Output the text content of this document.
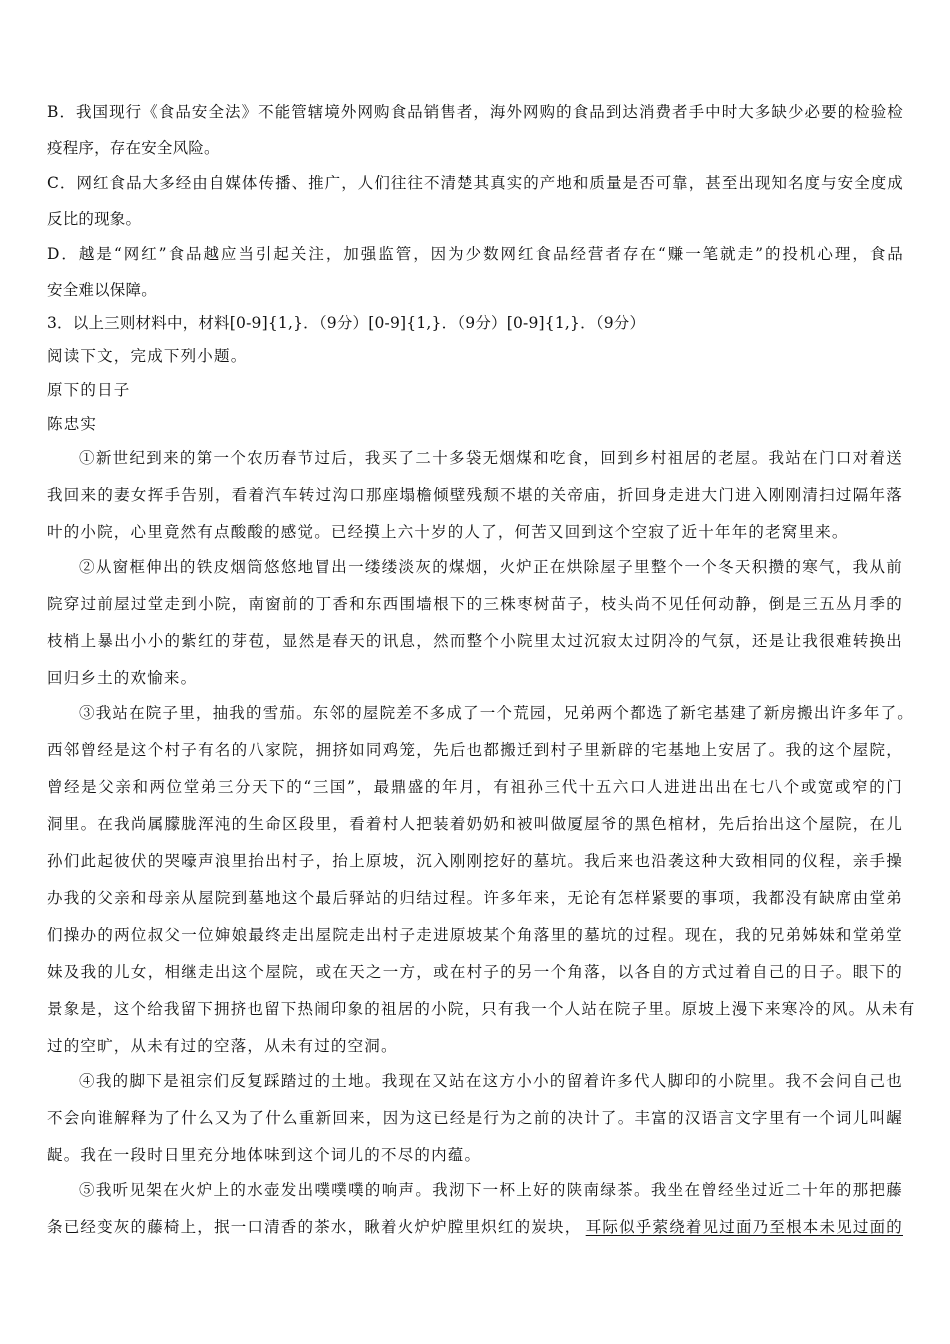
B．我国现行《食品安全法》不能管辖境外网购食品销售者，海外网购的食品到达消费者手中时大多缺少必要的检验检
疫程序，存在安全风险。
C．网红食品大多经由自媒体传播、推广，人们往往不清楚其真实的产地和质量是否可靠，甚至出现知名度与安全度成
反比的现象。
D．越是“网红”食品越应当引起关注，加强监管，因为少数网红食品经营者存在“赚一笔就走”的投机心理，食品
安全难以保障。
3．以上三则材料中，材料[0-9]{1,}．（9分）[0-9]{1,}．（9分）[0-9]{1,}．（9分）
阅读下文，完成下列小题。
原下的日子
陈忠实
①新世纪到来的第一个农历春节过后，我买了二十多袋无烟煤和吃食，回到乡村祖居的老屋。我站在门口对着送
我回来的妻女挥手告别，看着汽车转过沟口那座塌檐倾壁残颓不堪的关帝庙，折回身走进大门进入刚刚清扫过隔年落
叶的小院，心里竟然有点酸酸的感觉。已经摸上六十岁的人了，何苦又回到这个空寂了近十年年的老窝里来。
②从窗框伸出的铁皮烟筒悠悠地冒出一缕缕淡灰的煤烟，火炉正在烘除屋子里整个一个冬天积攒的寒气，我从前
院穿过前屋过堂走到小院，南窗前的丁香和东西围墙根下的三株枣树苗子，枝头尚不见任何动静，倒是三五丛月季的
枝梢上暴出小小的紫红的芽苞，显然是春天的讯息，然而整个小院里太过沉寂太过阴冷的气氛，还是让我很难转换出
回归乡土的欢愉来。
③我站在院子里，抽我的雪茄。东邻的屋院差不多成了一个荒园，兄弟两个都选了新宅基建了新房搬出许多年了。
西邻曾经是这个村子有名的八家院，拥挤如同鸡笼，先后也都搬迁到村子里新辟的宅基地上安居了。我的这个屋院，
曾经是父亲和两位堂弟三分天下的“三国”，最鼎盛的年月，有祖孙三代十五六口人进进出出在七八个或宽或窄的门
洞里。在我尚属朦胧浑沌的生命区段里，看着村人把装着奶奶和被叫做厦屋爷的黑色棺材，先后抬出这个屋院，在儿
孙们此起彼伏的哭嚎声浪里抬出村子，抬上原坡，沉入刚刚挖好的墓坑。我后来也沿袭这种大致相同的仪程，亲手操
办我的父亲和母亲从屋院到墓地这个最后驿站的归结过程。许多年来，无论有怎样紧要的事项，我都没有缺席由堂弟
们操办的两位叔父一位婶娘最终走出屋院走出村子走进原坡某个角落里的墓坑的过程。现在，我的兄弟姊妹和堂弟堂
妹及我的儿女，相继走出这个屋院，或在天之一方，或在村子的另一个角落，以各自的方式过着自己的日子。眼下的
景象是，这个给我留下拥挤也留下热闹印象的祖居的小院，只有我一个人站在院子里。原坡上漫下来寒冷的风。从未有
过的空旷，从未有过的空落，从未有过的空洞。
④我的脚下是祖宗们反复踩踏过的土地。我现在又站在这方小小的留着许多代人脚印的小院里。我不会问自己也
不会向谁解释为了什么又为了什么重新回来，因为这已经是行为之前的决计了。丰富的汉语言文字里有一个词儿叫龌
龊。我在一段时日里充分地体味到这个词儿的不尽的内蕴。
⑤我听见架在火炉上的水壶发出噗噗噗的响声。我沏下一杯上好的陕南绿茶。我坐在曾经坐过近二十年的那把藤
条已经变灰的藤椅上，抿一口清香的茶水，瞅着火炉炉膛里炽红的炭块， 耳际似乎萦绕着见过面乃至根本未见过面的
